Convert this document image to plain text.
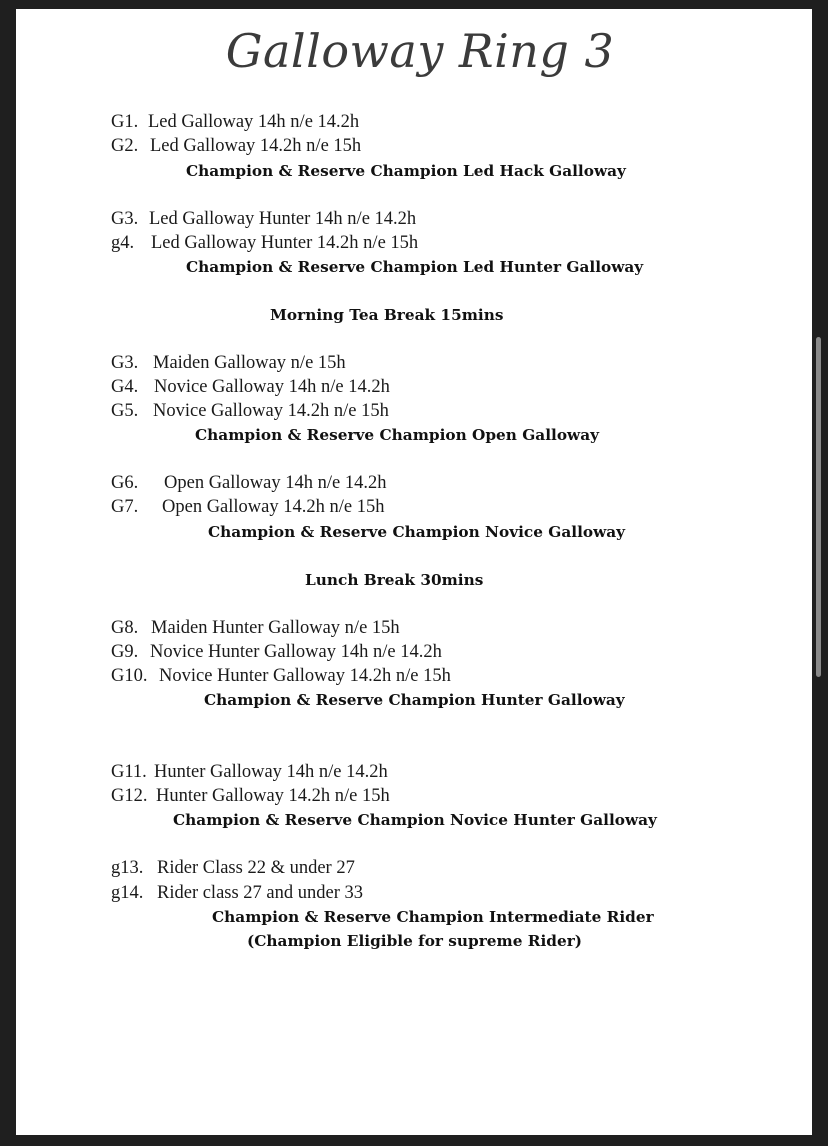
Galloway Ring 3
G1. Led Galloway 14h n/e 14.2h
G2. Led Galloway 14.2h n/e 15h
Champion & Reserve Champion Led Hack Galloway
G3. Led Galloway Hunter 14h n/e 14.2h
g4. Led Galloway Hunter 14.2h n/e 15h
Champion & Reserve Champion Led Hunter Galloway
Morning Tea Break 15mins
G3. Maiden Galloway n/e 15h
G4. Novice Galloway 14h n/e 14.2h
G5. Novice Galloway 14.2h n/e 15h
Champion & Reserve Champion Open Galloway
G6. Open Galloway 14h n/e 14.2h
G7. Open Galloway 14.2h n/e 15h
Champion & Reserve Champion Novice Galloway
Lunch Break 30mins
G8. Maiden Hunter Galloway n/e 15h
G9. Novice Hunter Galloway 14h n/e 14.2h
G10. Novice Hunter Galloway 14.2h n/e 15h
Champion & Reserve Champion Hunter Galloway
G11. Hunter Galloway 14h n/e 14.2h
G12. Hunter Galloway 14.2h n/e 15h
Champion & Reserve Champion Novice Hunter Galloway
g13. Rider Class 22 & under 27
g14. Rider class 27 and under 33
Champion & Reserve Champion Intermediate Rider
(Champion Eligible for supreme Rider)
